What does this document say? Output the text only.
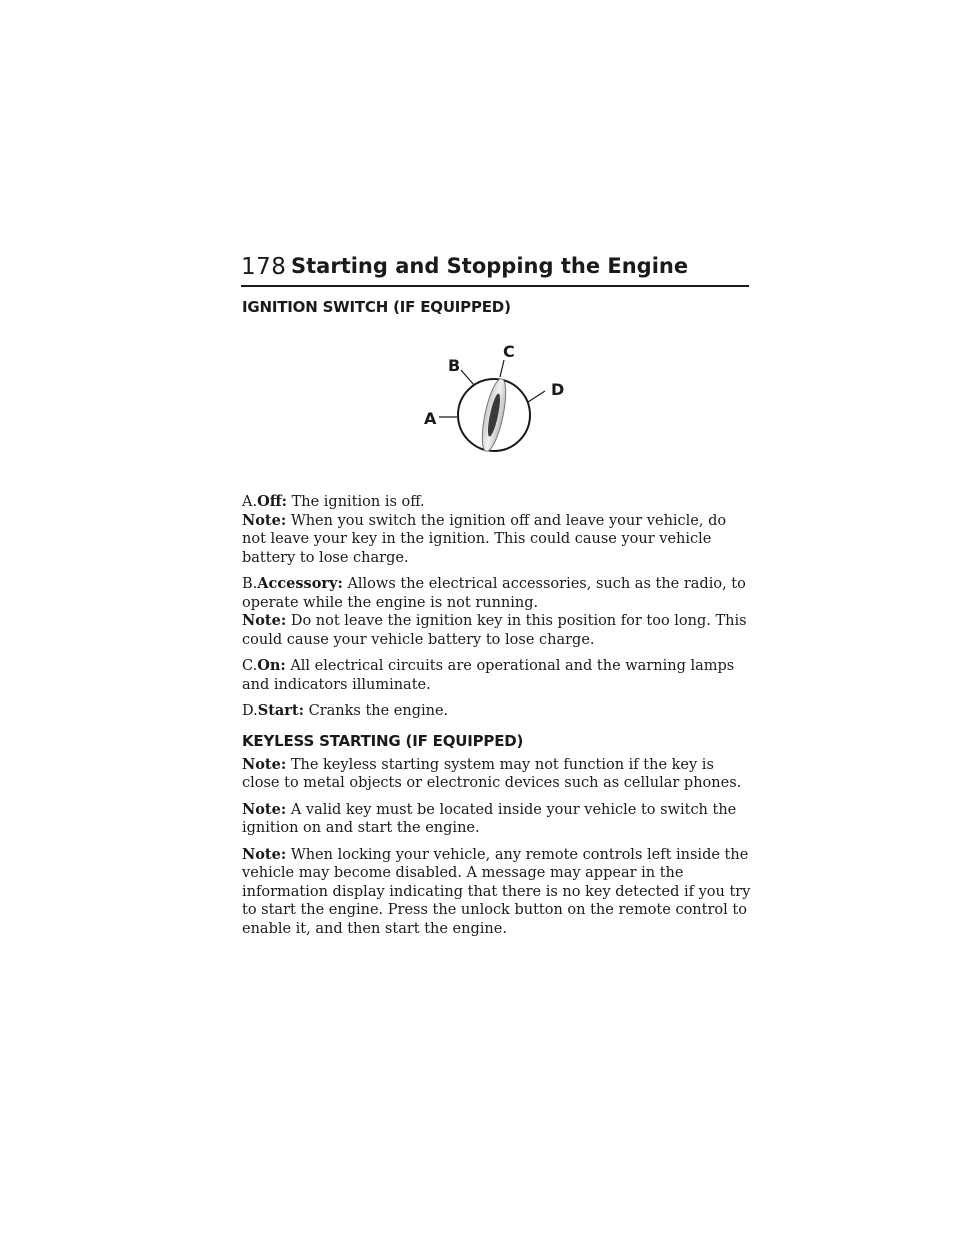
178 Starting and Stopping the Engine
IGNITION SWITCH (IF EQUIPPED)
A
B
C
D

A.Off: The ignition is off.

Note: When you switch the ignition off and leave your vehicle, do not leave your key in the ignition. This could cause your vehicle battery to lose charge.

B.Accessory: Allows the electrical accessories, such as the radio, to operate while the engine is not running.

Note: Do not leave the ignition key in this position for too long. This could cause your vehicle battery to lose charge.

C.On: All electrical circuits are operational and the warning lamps and indicators illuminate.

D.Start: Cranks the engine.

KEYLESS STARTING (IF EQUIPPED)

Note: The keyless starting system may not function if the key is close to metal objects or electronic devices such as cellular phones.

Note: A valid key must be located inside your vehicle to switch the ignition on and start the engine.

Note: When locking your vehicle, any remote controls left inside the vehicle may become disabled. A message may appear in the information display indicating that there is no key detected if you try to start the engine. Press the unlock button on the remote control to enable it, and then start the engine.
